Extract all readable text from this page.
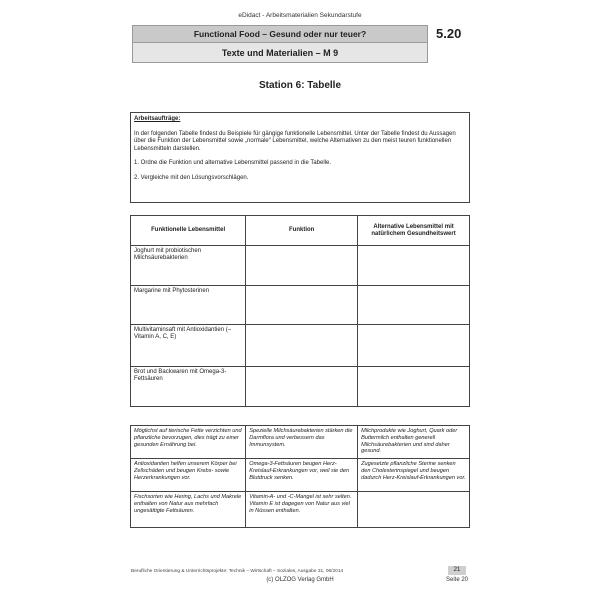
eDidact - Arbeitsmaterialien Sekundarstufe
Functional Food – Gesund oder nur teuer?
Texte und Materialien – M 9
5.20
Station 6: Tabelle
Arbeitsaufträge:
In der folgenden Tabelle findest du Beispiele für gängige funktionelle Lebensmittel. Unter der Tabelle findest du Aussagen über die Funktion der Lebensmittel sowie „normale“ Lebensmittel, welche Alternativen zu den meist teuren funktionellen Lebensmitteln darstellen.
1. Ordne die Funktion und alternative Lebensmittel passend in die Tabelle.
2. Vergleiche mit den Lösungsvorschlägen.
Funktionelle Lebensmittel	Funktion	Alternative Lebensmittel mit natürlichem Gesundheitswert
Joghurt mit probiotischen Milchsäurebakterien		
Margarine mit Phytosterinen		
Multivitaminsaft mit Antioxidantien (– Vitamin A, C, E)		
Brot und Backwaren mit Omega-3-Fettsäuren		
Möglichst auf tierische Fette verzichten und pflanzliche bevorzugen, dies trägt zu einer gesunden Ernährung bei.	Spezielle Milchsäurebakterien stärken die Darmflora und verbessern das Immunsystem.	Milchprodukte wie Joghurt, Quark oder Buttermilch enthalten generell Milchsäurebakterien und sind daher gesund.
Antioxidantien helfen unserem Körper bei Zellschäden und beugen Krebs- sowie Herzerkrankungen vor.	Omega-3-Fettsäuren beugen Herz-Kreislauf-Erkrankungen vor, weil sie den Blutdruck senken.	Zugesetzte pflanzliche Sterine senken den Cholesterinspiegel und beugen dadurch Herz-Kreislauf-Erkrankungen vor.
Fischsorten wie Hering, Lachs und Makrele enthalten von Natur aus mehrfach ungesättigte Fettsäuren.	Vitamin-A- und -C-Mangel ist sehr selten. Vitamin E ist dagegen von Natur aus viel in Nüssen enthalten.	
Berufliche Orientierung & Unterrichtsprojekte: Technik – Wirtschaft – Soziales, Ausgabe 31, 06/2014	21
(c) OLZOG Verlag GmbH	Seite 20
